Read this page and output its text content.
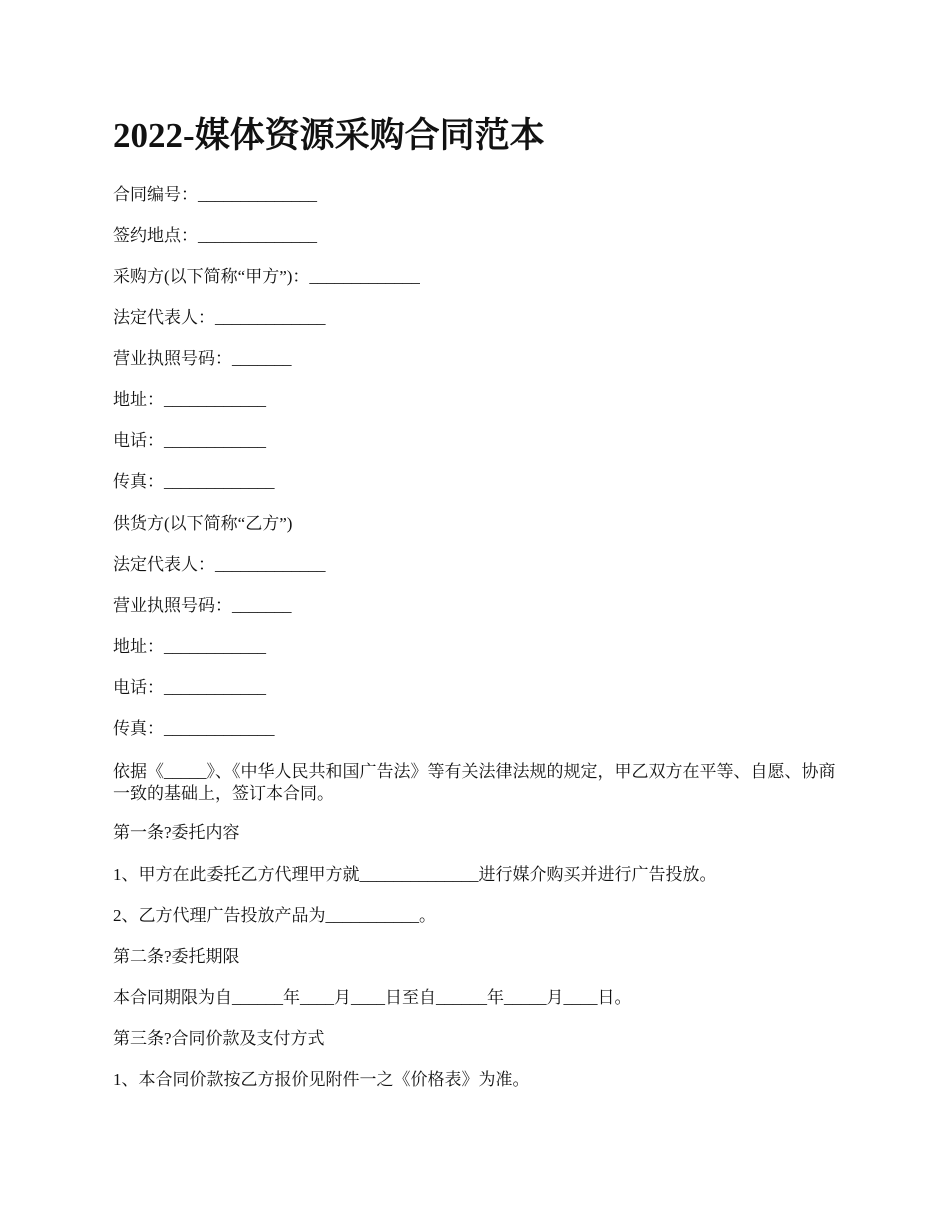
2022-媒体资源采购合同范本

合同编号：______________

签约地点：______________

采购方(以下简称“甲方”)：_____________

法定代表人：_____________

营业执照号码：_______

地址：____________

电话：____________

传真：_____________

供货方(以下简称“乙方”)

法定代表人：_____________

营业执照号码：_______

地址：____________

电话：____________

传真：_____________

依据《_____》、《中华人民共和国广告法》等有关法律法规的规定，甲乙双方在平等、自愿、协商一致的基础上，签订本合同。

第一条?委托内容

1、甲方在此委托乙方代理甲方就______________进行媒介购买并进行广告投放。

2、乙方代理广告投放产品为___________。

第二条?委托期限

本合同期限为自______年____月____日至自______年_____月____日。

第三条?合同价款及支付方式

1、本合同价款按乙方报价见附件一之《价格表》为准。
